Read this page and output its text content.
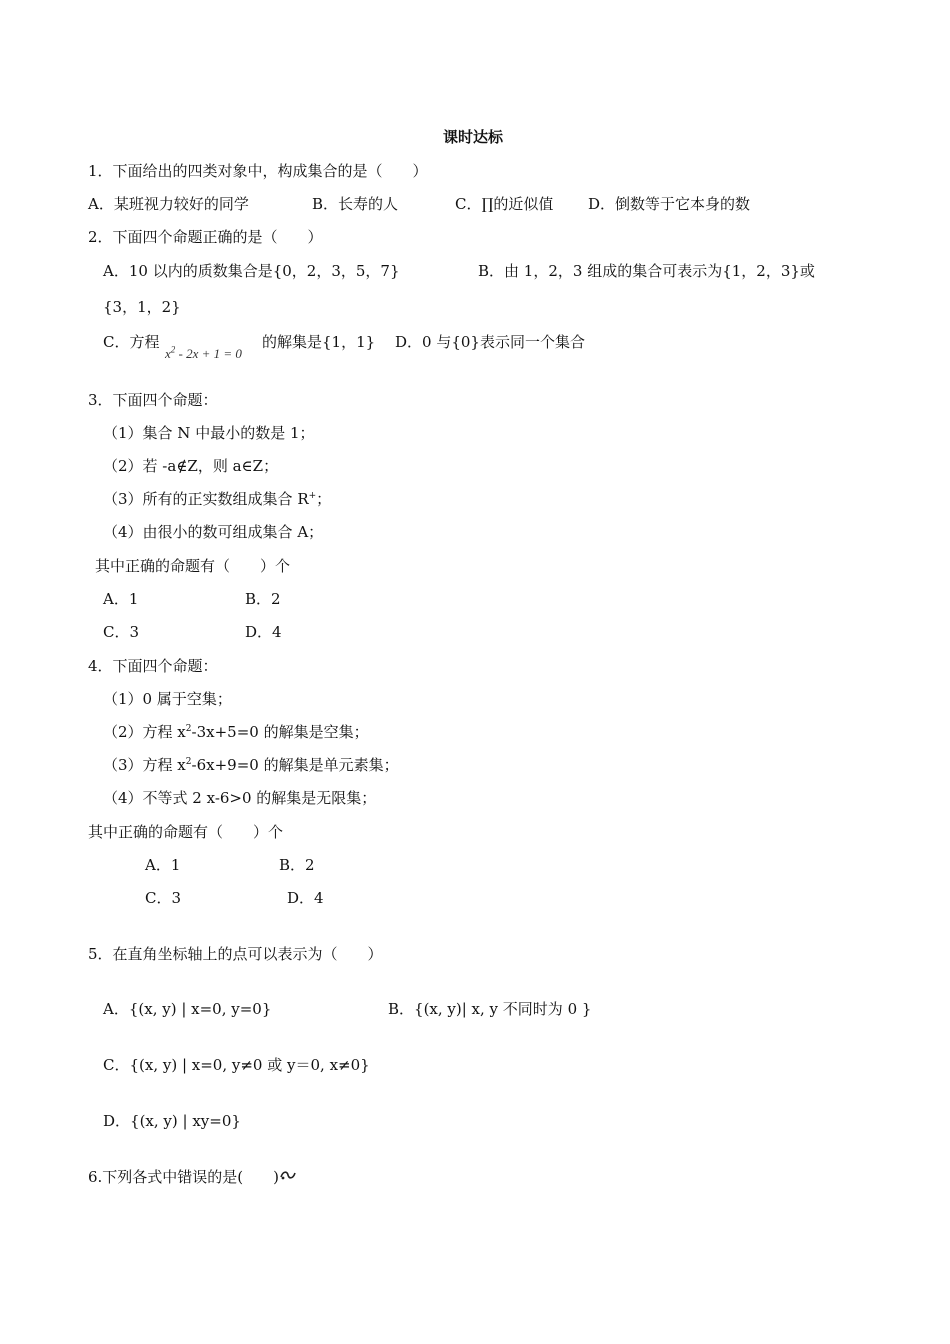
课时达标
1．下面给出的四类对象中，构成集合的是（　　）
A．某班视力较好的同学	B．长寿的人	C．∏的近似值 D．倒数等于它本身的数
2．下面四个命题正确的是（　　）
A．10 以内的质数集合是{0，2，3，5，7}	B．由 1，2，3 组成的集合可表示为{1，2，3}或
{3，1，2}
C．方程
$x^2 - 2x + 1 = 0$
的解集是{1，1} D．0 与{0}表示同一个集合
3．下面四个命题：
（1）集合 N 中最小的数是 1；
（2）若 -a∉Z，则 a∈Z；
（3）所有的正实数组成集合 R+；
（4）由很小的数可组成集合 A；
其中正确的命题有（　　）个
A．1	B．2
C．3	D．4
4．下面四个命题：
（1）0 属于空集；
（2）方程 $x^2-3x+5=0$ 的解集是空集；
（3）方程 $x^2-6x+9=0$ 的解集是单元素集；
（4）不等式 2 x-6>0 的解集是无限集；
其中正确的命题有（　　）个
A．1	B．2
C．3	D．4
5．在直角坐标轴上的点可以表示为（　　）
A．{(x, y) | x=0, y=0}	B．{(x, y)| x, y 不同时为 0 }
C．{(x, y) | x=0, y≠0 或 y＝0, x≠0}
D．{(x, y) | xy=0}
6.下列各式中错误的是(　　)
